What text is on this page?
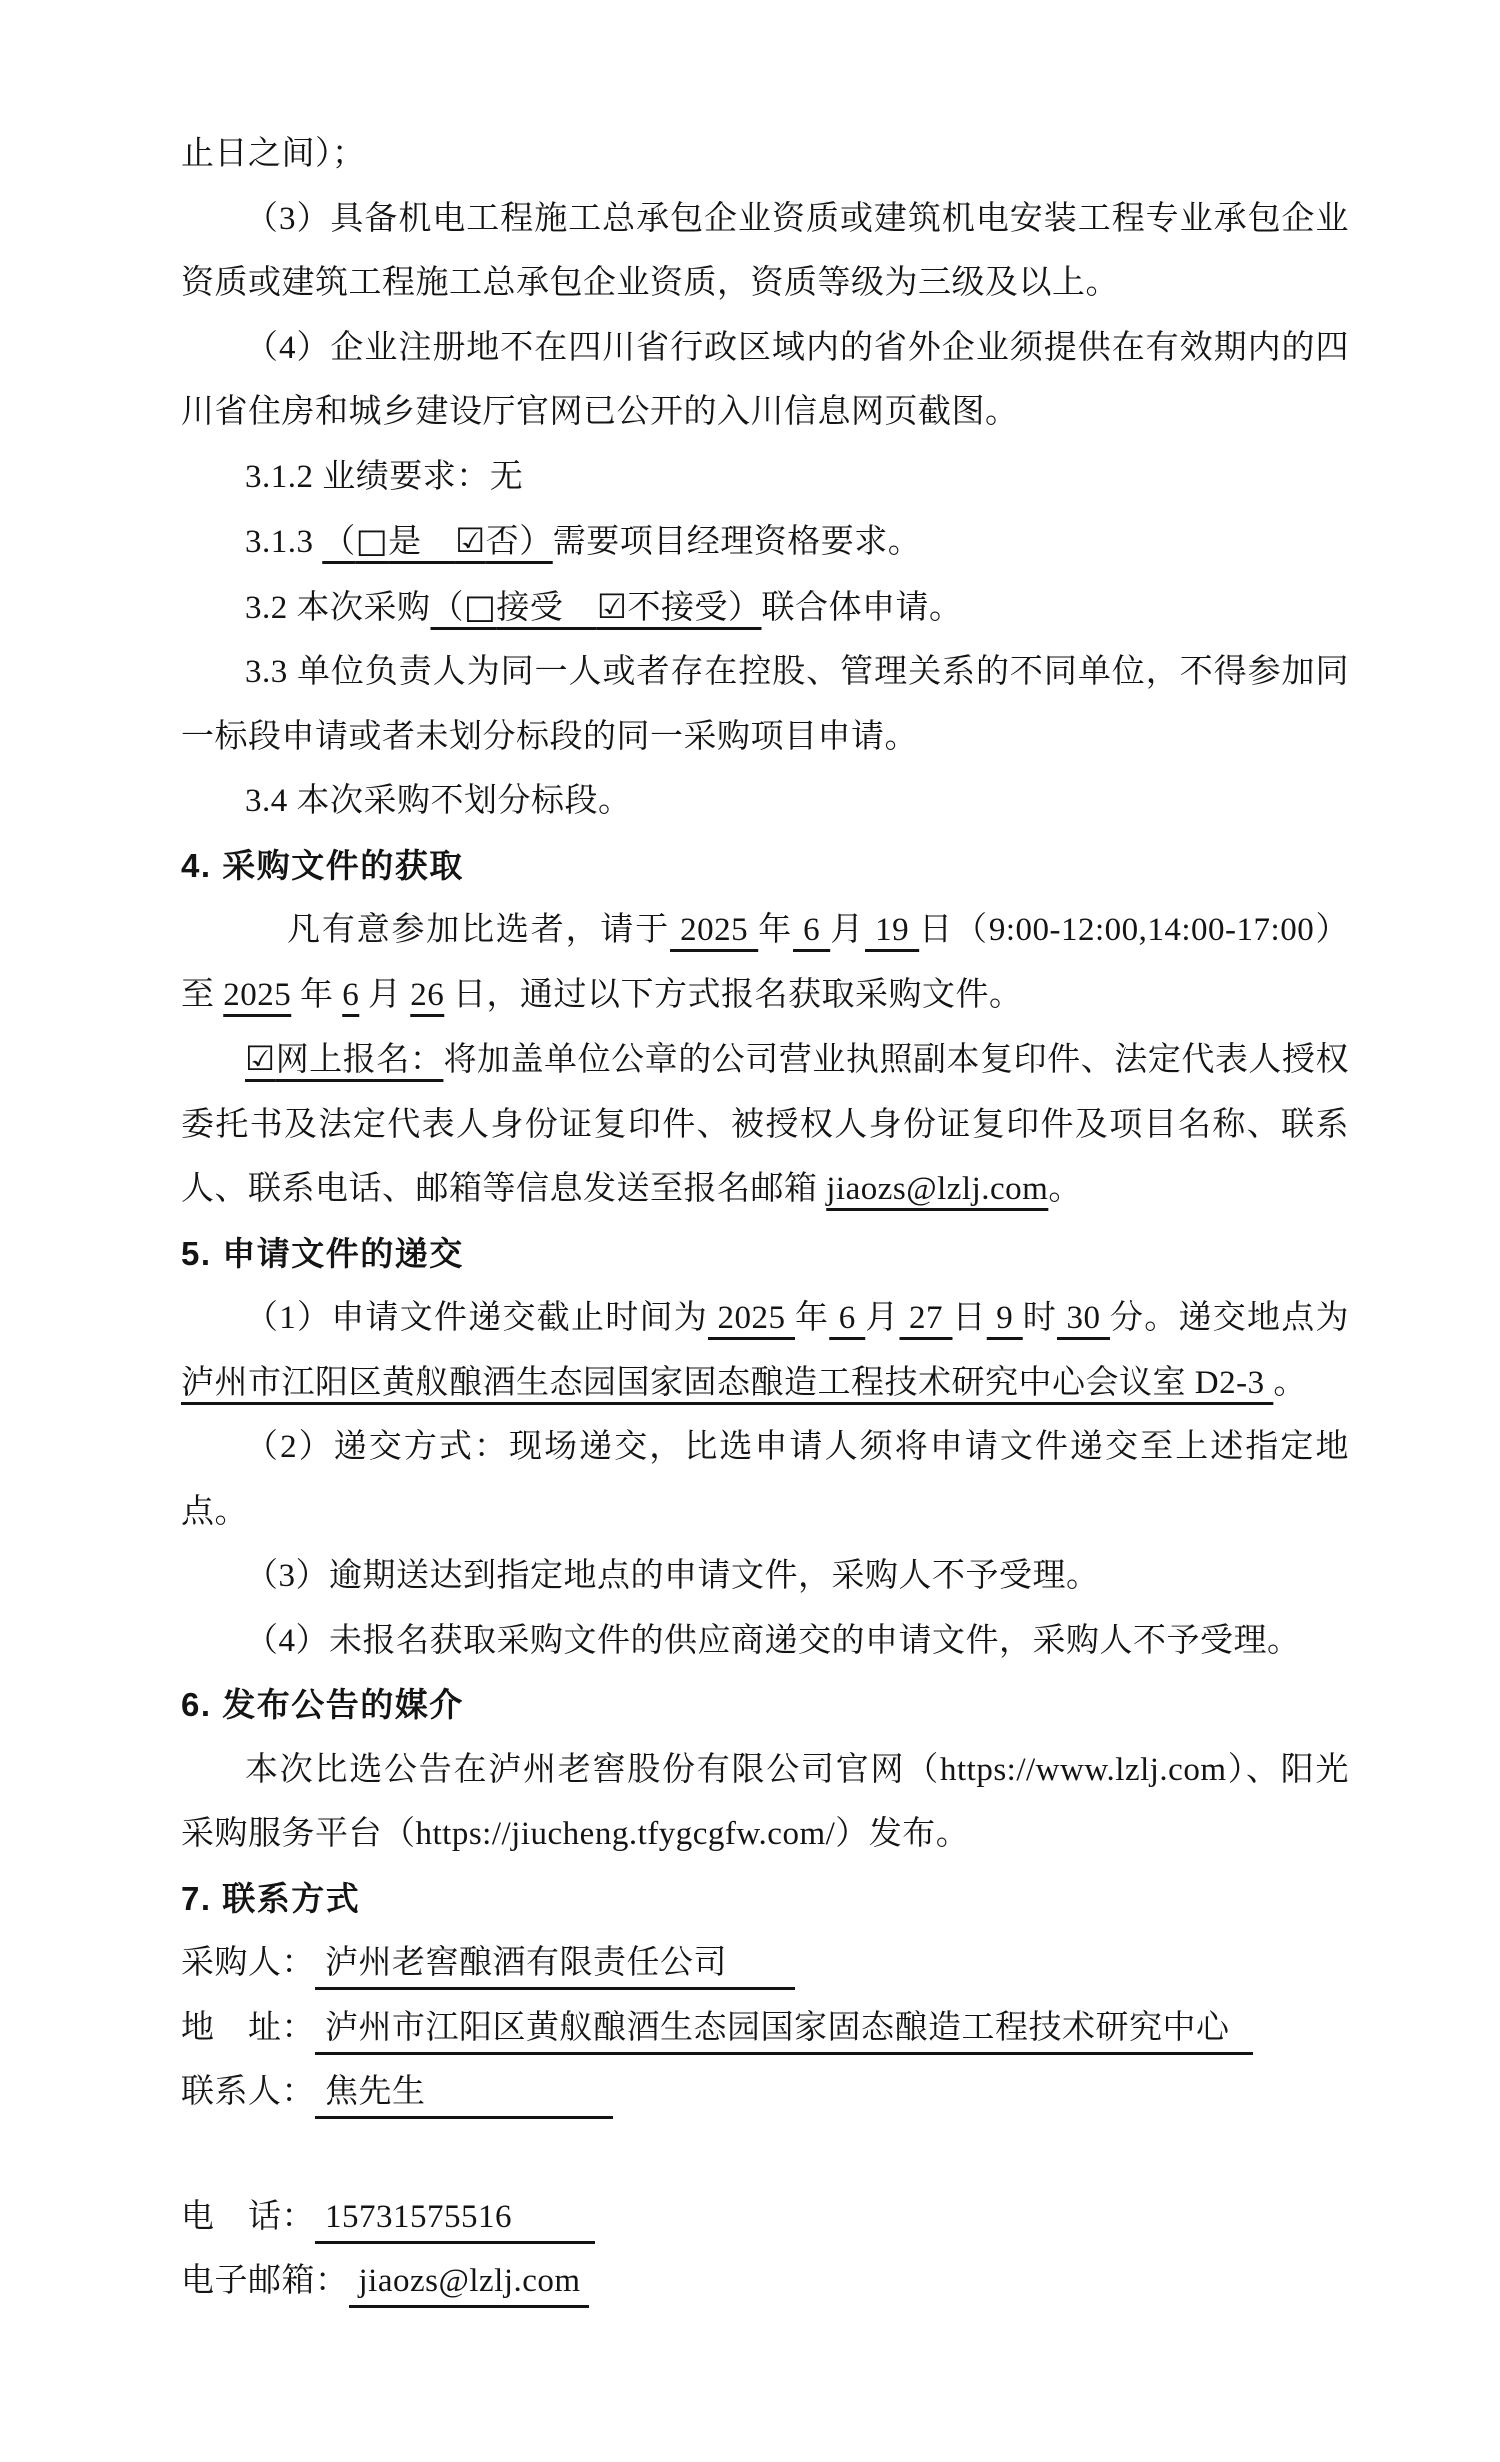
止日之间）；

（3）具备机电工程施工总承包企业资质或建筑机电安装工程专业承包企业资质或建筑工程施工总承包企业资质，资质等级为三级及以上。

（4）企业注册地不在四川省行政区域内的省外企业须提供在有效期内的四川省住房和城乡建设厅官网已公开的入川信息网页截图。

3.1.2 业绩要求：无

3.1.3 （□是　☑否）需要项目经理资格要求。

3.2 本次采购（□接受　☑不接受）联合体申请。

3.3 单位负责人为同一人或者存在控股、管理关系的不同单位，不得参加同一标段申请或者未划分标段的同一采购项目申请。

3.4 本次采购不划分标段。

4. 采购文件的获取

凡有意参加比选者，请于 2025 年 6 月 19 日（9:00-12:00,14:00-17:00）至 2025 年 6 月 26 日，通过以下方式报名获取采购文件。

☑网上报名：将加盖单位公章的公司营业执照副本复印件、法定代表人授权委托书及法定代表人身份证复印件、被授权人身份证复印件及项目名称、联系人、联系电话、邮箱等信息发送至报名邮箱 jiaozs@lzlj.com。

5. 申请文件的递交

（1）申请文件递交截止时间为 2025 年 6 月 27 日 9 时 30 分。递交地点为 泸州市江阳区黄舣酿酒生态园国家固态酿造工程技术研究中心会议室 D2-3 。

（2）递交方式：现场递交，比选申请人须将申请文件递交至上述指定地点。

（3）逾期送达到指定地点的申请文件，采购人不予受理。

（4）未报名获取采购文件的供应商递交的申请文件，采购人不予受理。

6. 发布公告的媒介

本次比选公告在泸州老窖股份有限公司官网（https://www.lzlj.com）、阳光采购服务平台（https://jiucheng.tfygcgfw.com/）发布。

7. 联系方式

采购人： 泸州老窖酿酒有限责任公司

地　址： 泸州市江阳区黄舣酿酒生态园国家固态酿造工程技术研究中心

联系人： 焦先生

电　话： 15731575516

电子邮箱： jiaozs@lzlj.com
